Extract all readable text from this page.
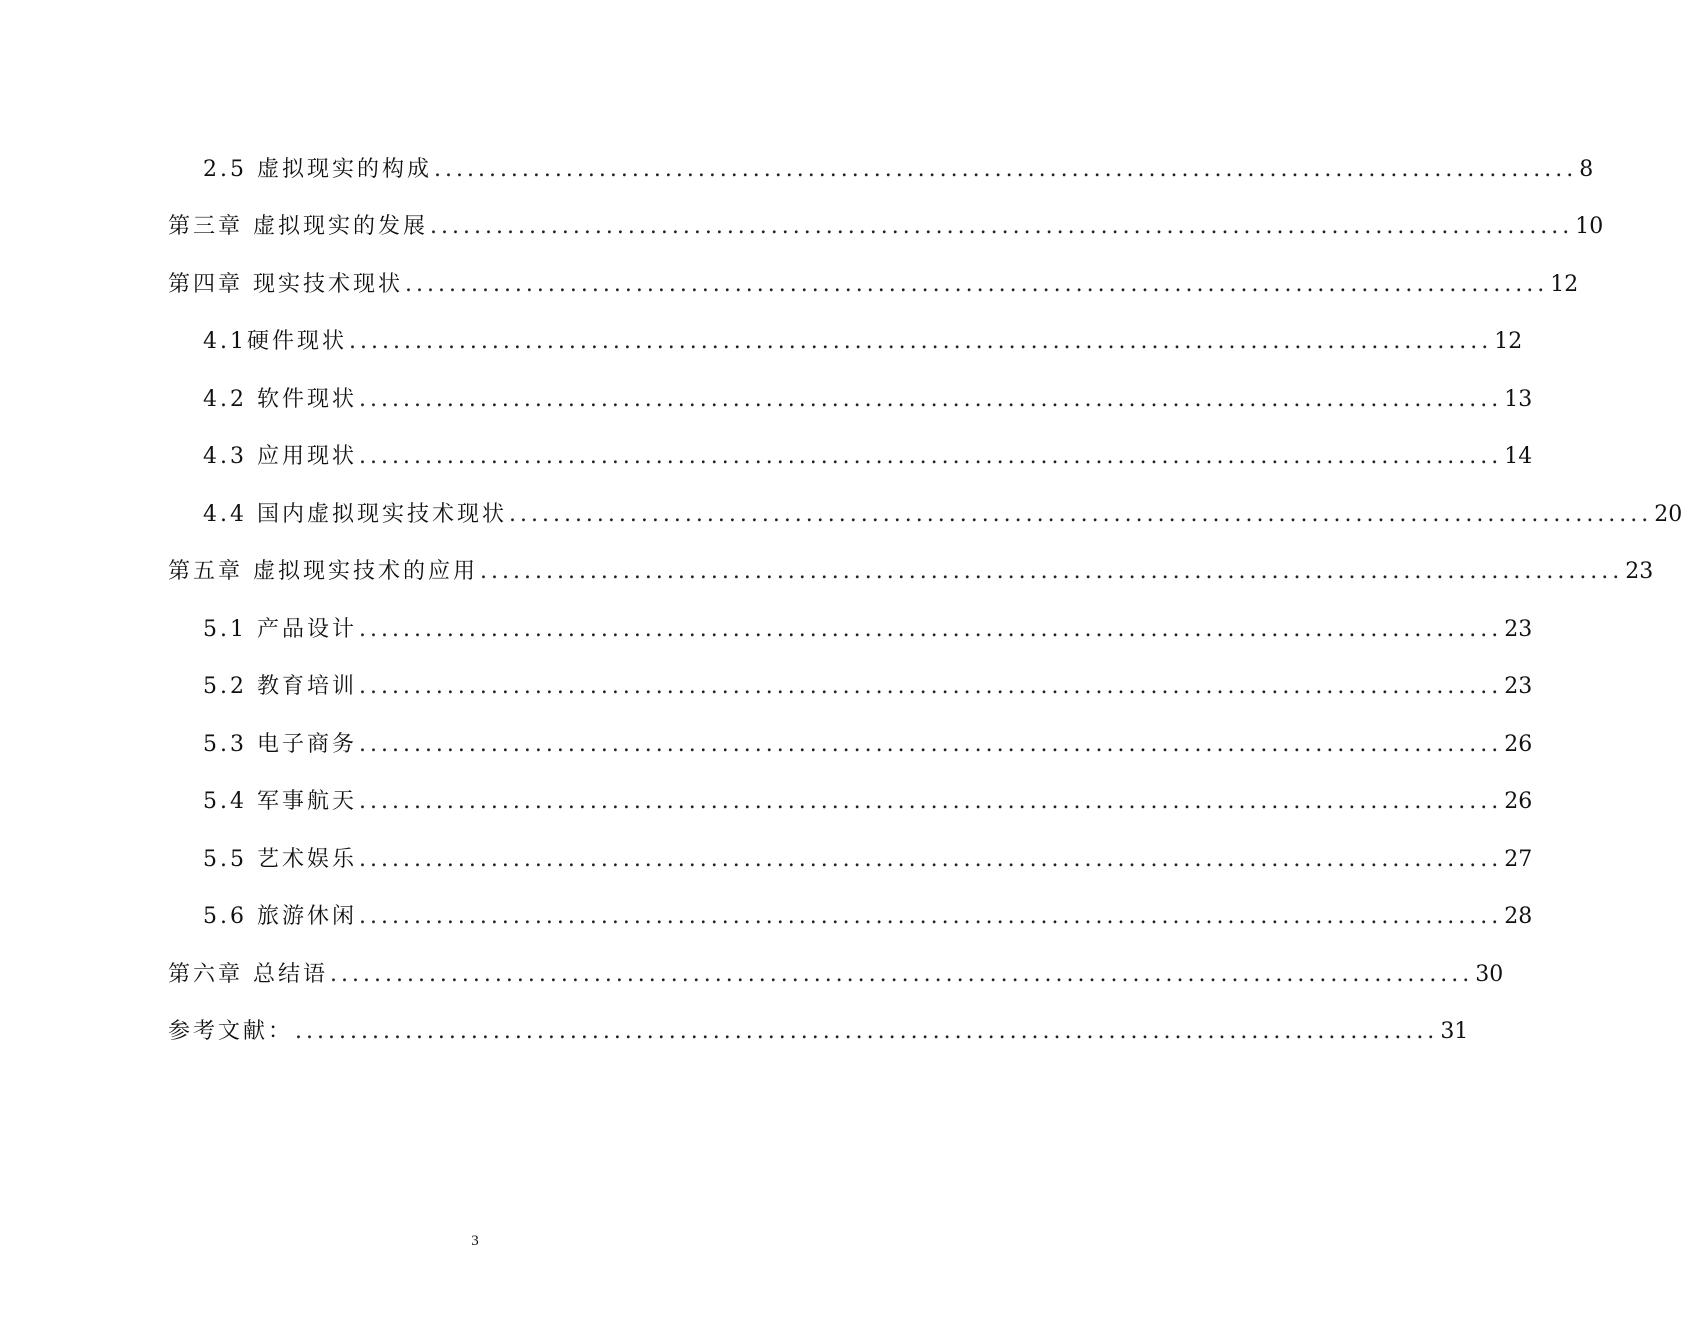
2.5 虚拟现实的构成 ........................................................................................................ 8
第三章 虚拟现实的发展 ........................................................................................................ 10
第四章 现实技术现状 ........................................................................................................ 12
4.1硬件现状 ........................................................................................................ 12
4.2 软件现状 ........................................................................................................ 13
4.3 应用现状 ........................................................................................................ 14
4.4 国内虚拟现实技术现状 ........................................................................................................ 20
第五章 虚拟现实技术的应用 ........................................................................................................ 23
5.1 产品设计 ........................................................................................................ 23
5.2 教育培训 ........................................................................................................ 23
5.3 电子商务 ........................................................................................................ 26
5.4 军事航天 ........................................................................................................ 26
5.5 艺术娱乐 ........................................................................................................ 27
5.6 旅游休闲 ........................................................................................................ 28
第六章 总结语 ........................................................................................................ 30
参考文献： ........................................................................................................ 31
3
